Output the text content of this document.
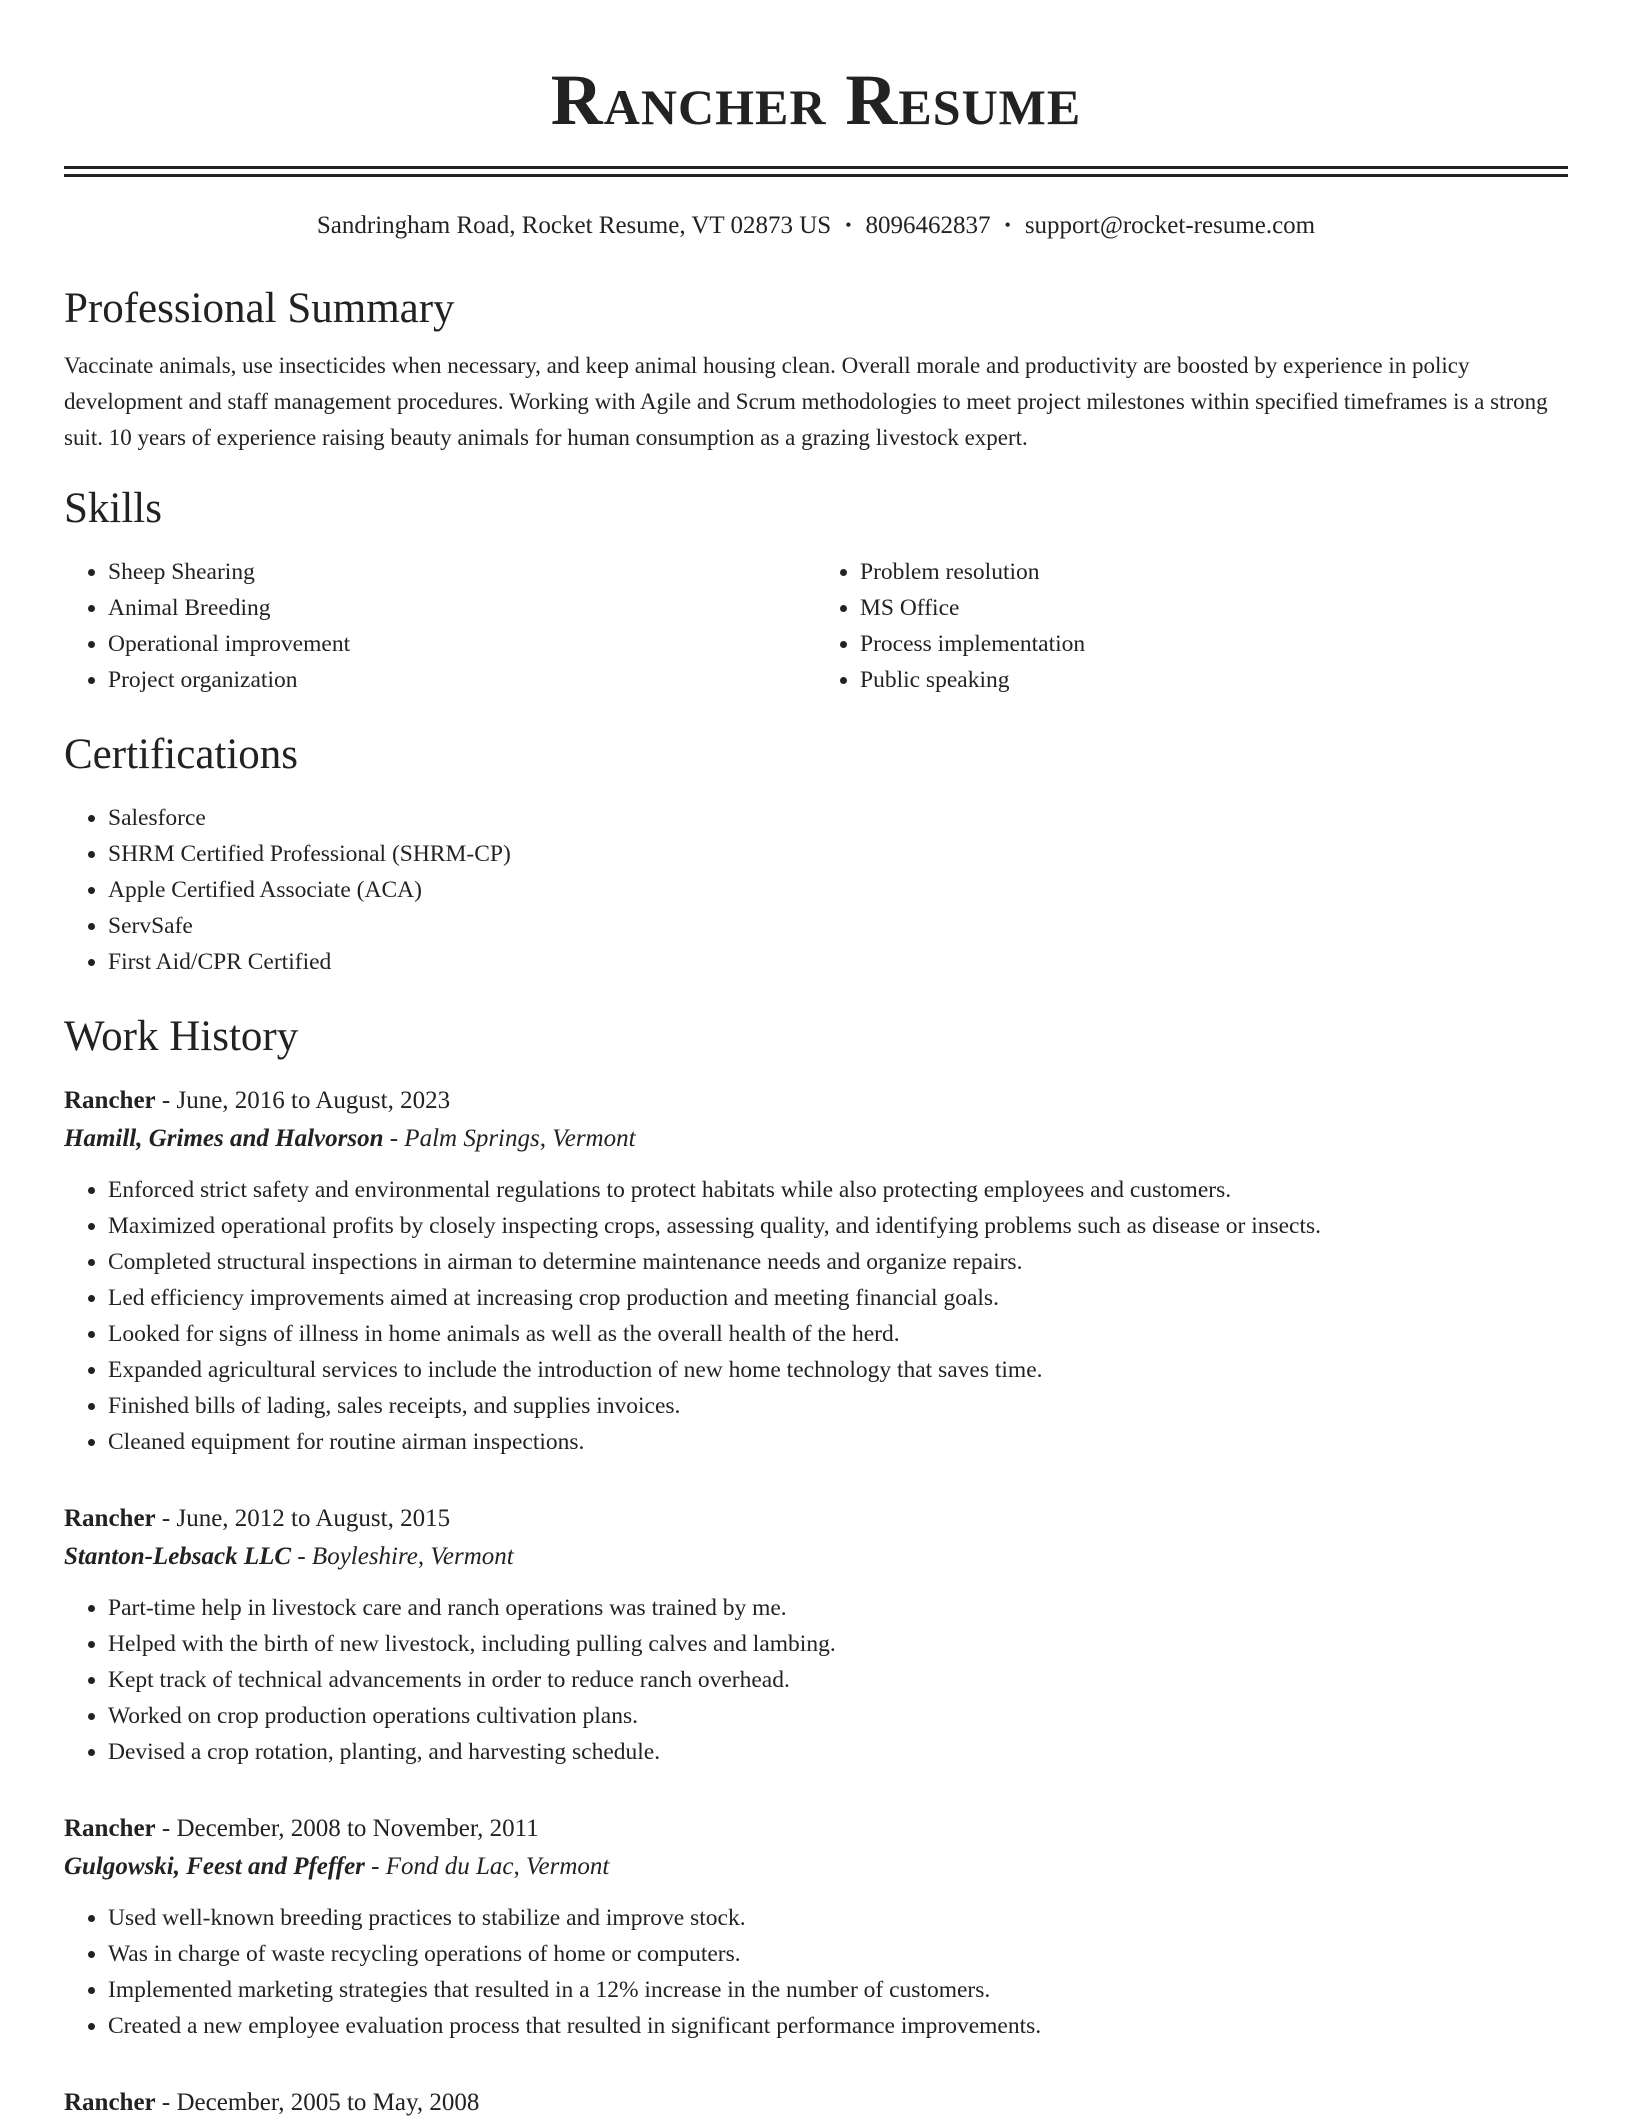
Rancher Resume
Sandringham Road, Rocket Resume, VT 02873 US • 8096462837 • support@rocket-resume.com
Professional Summary

Vaccinate animals, use insecticides when necessary, and keep animal housing clean. Overall morale and productivity are boosted by experience in policy development and staff management procedures. Working with Agile and Scrum methodologies to meet project milestones within specified timeframes is a strong suit. 10 years of experience raising beauty animals for human consumption as a grazing livestock expert.

Skills
• Sheep Shearing
• Animal Breeding
• Operational improvement
• Project organization
• Problem resolution
• MS Office
• Process implementation
• Public speaking
Certifications
• Salesforce
• SHRM Certified Professional (SHRM-CP)
• Apple Certified Associate (ACA)
• ServSafe
• First Aid/CPR Certified
Work History
Rancher - June, 2016 to August, 2023
Hamill, Grimes and Halvorson - Palm Springs, Vermont
• Enforced strict safety and environmental regulations to protect habitats while also protecting employees and customers.
• Maximized operational profits by closely inspecting crops, assessing quality, and identifying problems such as disease or insects.
• Completed structural inspections in airman to determine maintenance needs and organize repairs.
• Led efficiency improvements aimed at increasing crop production and meeting financial goals.
• Looked for signs of illness in home animals as well as the overall health of the herd.
• Expanded agricultural services to include the introduction of new home technology that saves time.
• Finished bills of lading, sales receipts, and supplies invoices.
• Cleaned equipment for routine airman inspections.
Rancher - June, 2012 to August, 2015
Stanton-Lebsack LLC - Boyleshire, Vermont
• Part-time help in livestock care and ranch operations was trained by me.
• Helped with the birth of new livestock, including pulling calves and lambing.
• Kept track of technical advancements in order to reduce ranch overhead.
• Worked on crop production operations cultivation plans.
• Devised a crop rotation, planting, and harvesting schedule.
Rancher - December, 2008 to November, 2011
Gulgowski, Feest and Pfeffer - Fond du Lac, Vermont
• Used well-known breeding practices to stabilize and improve stock.
• Was in charge of waste recycling operations of home or computers.
• Implemented marketing strategies that resulted in a 12% increase in the number of customers.
• Created a new employee evaluation process that resulted in significant performance improvements.
Rancher - December, 2005 to May, 2008
